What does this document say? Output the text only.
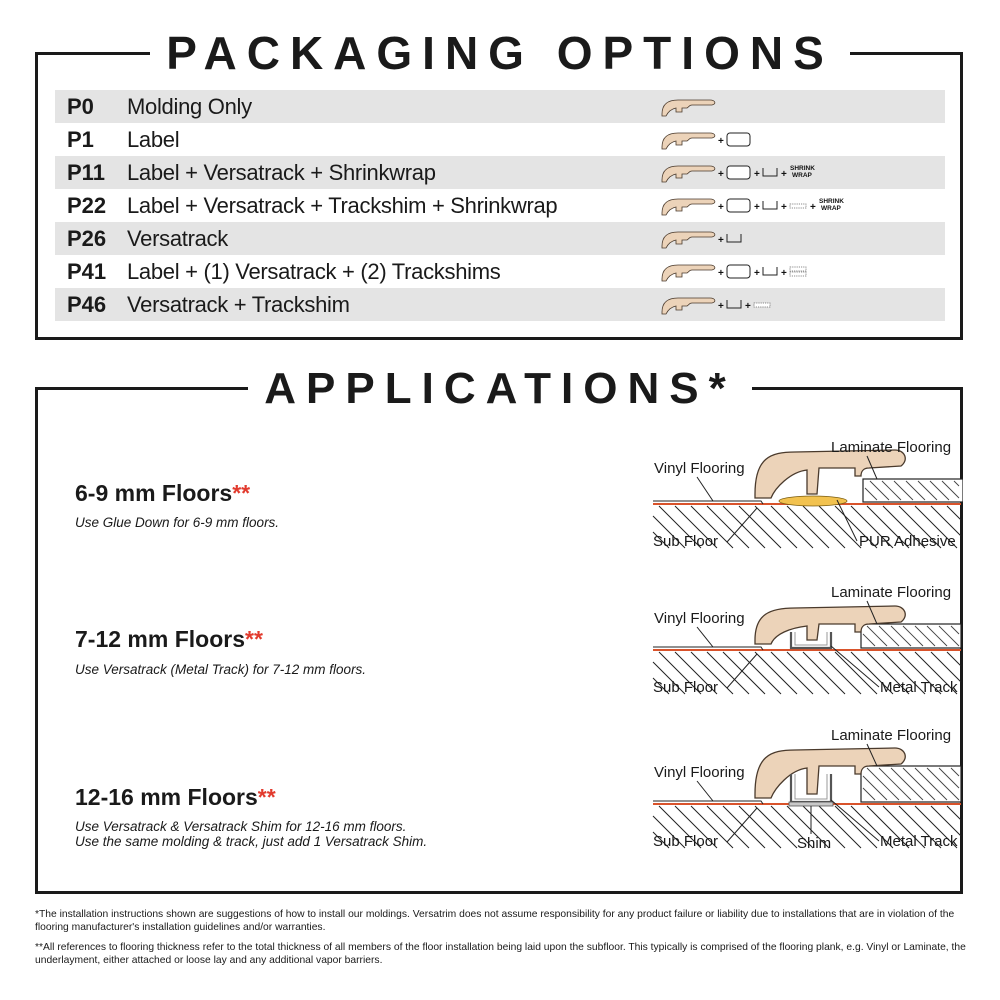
PACKAGING OPTIONS
APPLICATIONS*
P0	Molding Only
P1	Label	+
P11	Label + Versatrack + Shrinkwrap	+	+ +
SHRINK
WRAP
P22 Label + Versatrack + Trackshim + Shrinkwrap	+	+ + +
SHRINK
WRAP
P26 Versatrack	+
P41 Label + (1) Versatrack + (2) Trackshims	+	+ +
P46 Versatrack + Trackshim	+ +
6-9 mm Floors**
Use Glue Down for 6-9 mm floors.
Laminate Flooring
Vinyl Flooring
Sub Floor	PUR Adhesive
7-12 mm Floors**
Use Versatrack (Metal Track) for 7-12 mm floors.
Laminate Flooring
Vinyl Flooring
Sub Floor	Metal Track
12-16 mm Floors**
Use Versatrack & Versatrack Shim for 12-16 mm floors.
Use the same molding & track, just add 1 Versatrack Shim.
Laminate Flooring
Vinyl Flooring
Sub Floor	Metal Track
Shim
*The installation instructions shown are suggestions of how to install our moldings. Versatrim does not assume responsibility for any product failure or liability due to installations that are in violation of the flooring manufacturer's installation guidelines and/or warranties.
**All references to flooring thickness refer to the total thickness of all members of the floor installation being laid upon the subfloor. This typically is comprised of the flooring plank, e.g. Vinyl or Laminate, the underlayment, either attached or loose lay and any additional vapor barriers.
